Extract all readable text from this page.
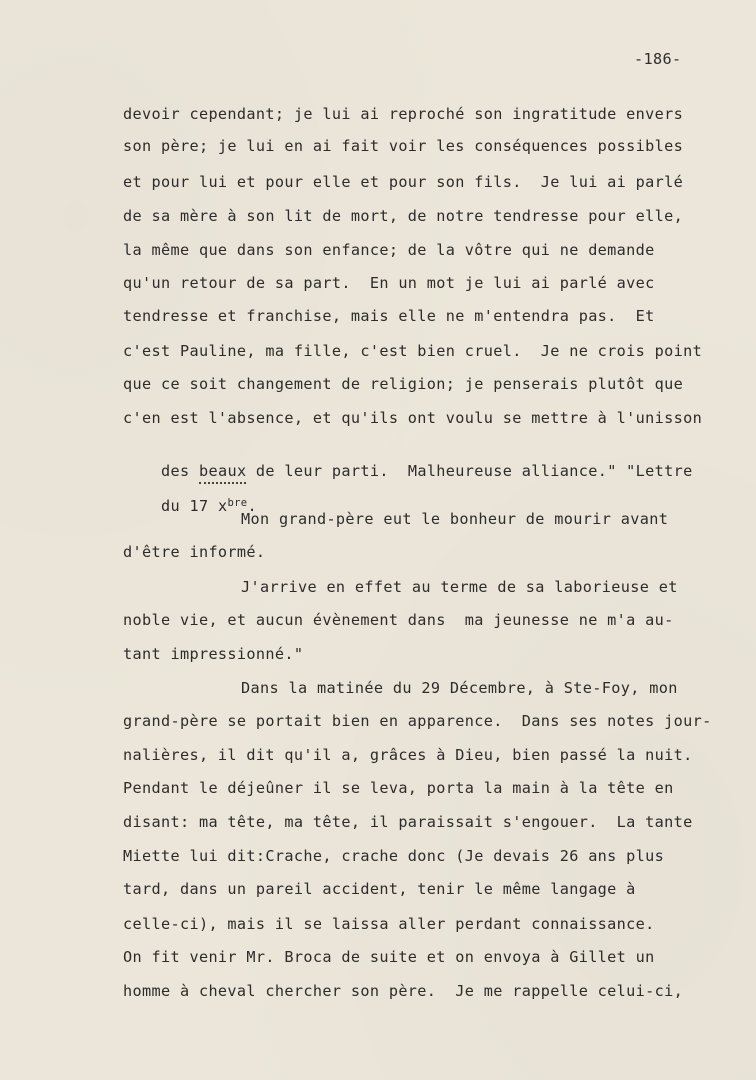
-186-
devoir cependant; je lui ai reproché son ingratitude envers
son père; je lui en ai fait voir les conséquences possibles
et pour lui et pour elle et pour son fils.  Je lui ai parlé
de sa mère à son lit de mort, de notre tendresse pour elle,
la même que dans son enfance; de la vôtre qui ne demande
qu'un retour de sa part.  En un mot je lui ai parlé avec
tendresse et franchise, mais elle ne m'entendra pas.  Et
c'est Pauline, ma fille, c'est bien cruel.  Je ne crois point
que ce soit changement de religion; je penserais plutôt que
c'en est l'absence, et qu'ils ont voulu se mettre à l'unisson

des beaux de leur parti.  Malheureuse alliance." "Lettre

du 17 $x^{bre}$.

Mon grand-père eut le bonheur de mourir avant
d'être informé.
J'arrive en effet au terme de sa laborieuse et
noble vie, et aucun évènement dans  ma jeunesse ne m'a au-
tant impressionné."
Dans la matinée du 29 Décembre, à Ste-Foy, mon
grand-père se portait bien en apparence.  Dans ses notes jour-
nalières, il dit qu'il a, grâces à Dieu, bien passé la nuit.
Pendant le déjeûner il se leva, porta la main à la tête en
disant: ma tête, ma tête, il paraissait s'engouer.  La tante
Miette lui dit:Crache, crache donc (Je devais 26 ans plus
tard, dans un pareil accident, tenir le même langage à
celle-ci), mais il se laissa aller perdant connaissance.
On fit venir Mr. Broca de suite et on envoya à Gillet un
homme à cheval chercher son père.  Je me rappelle celui-ci,
